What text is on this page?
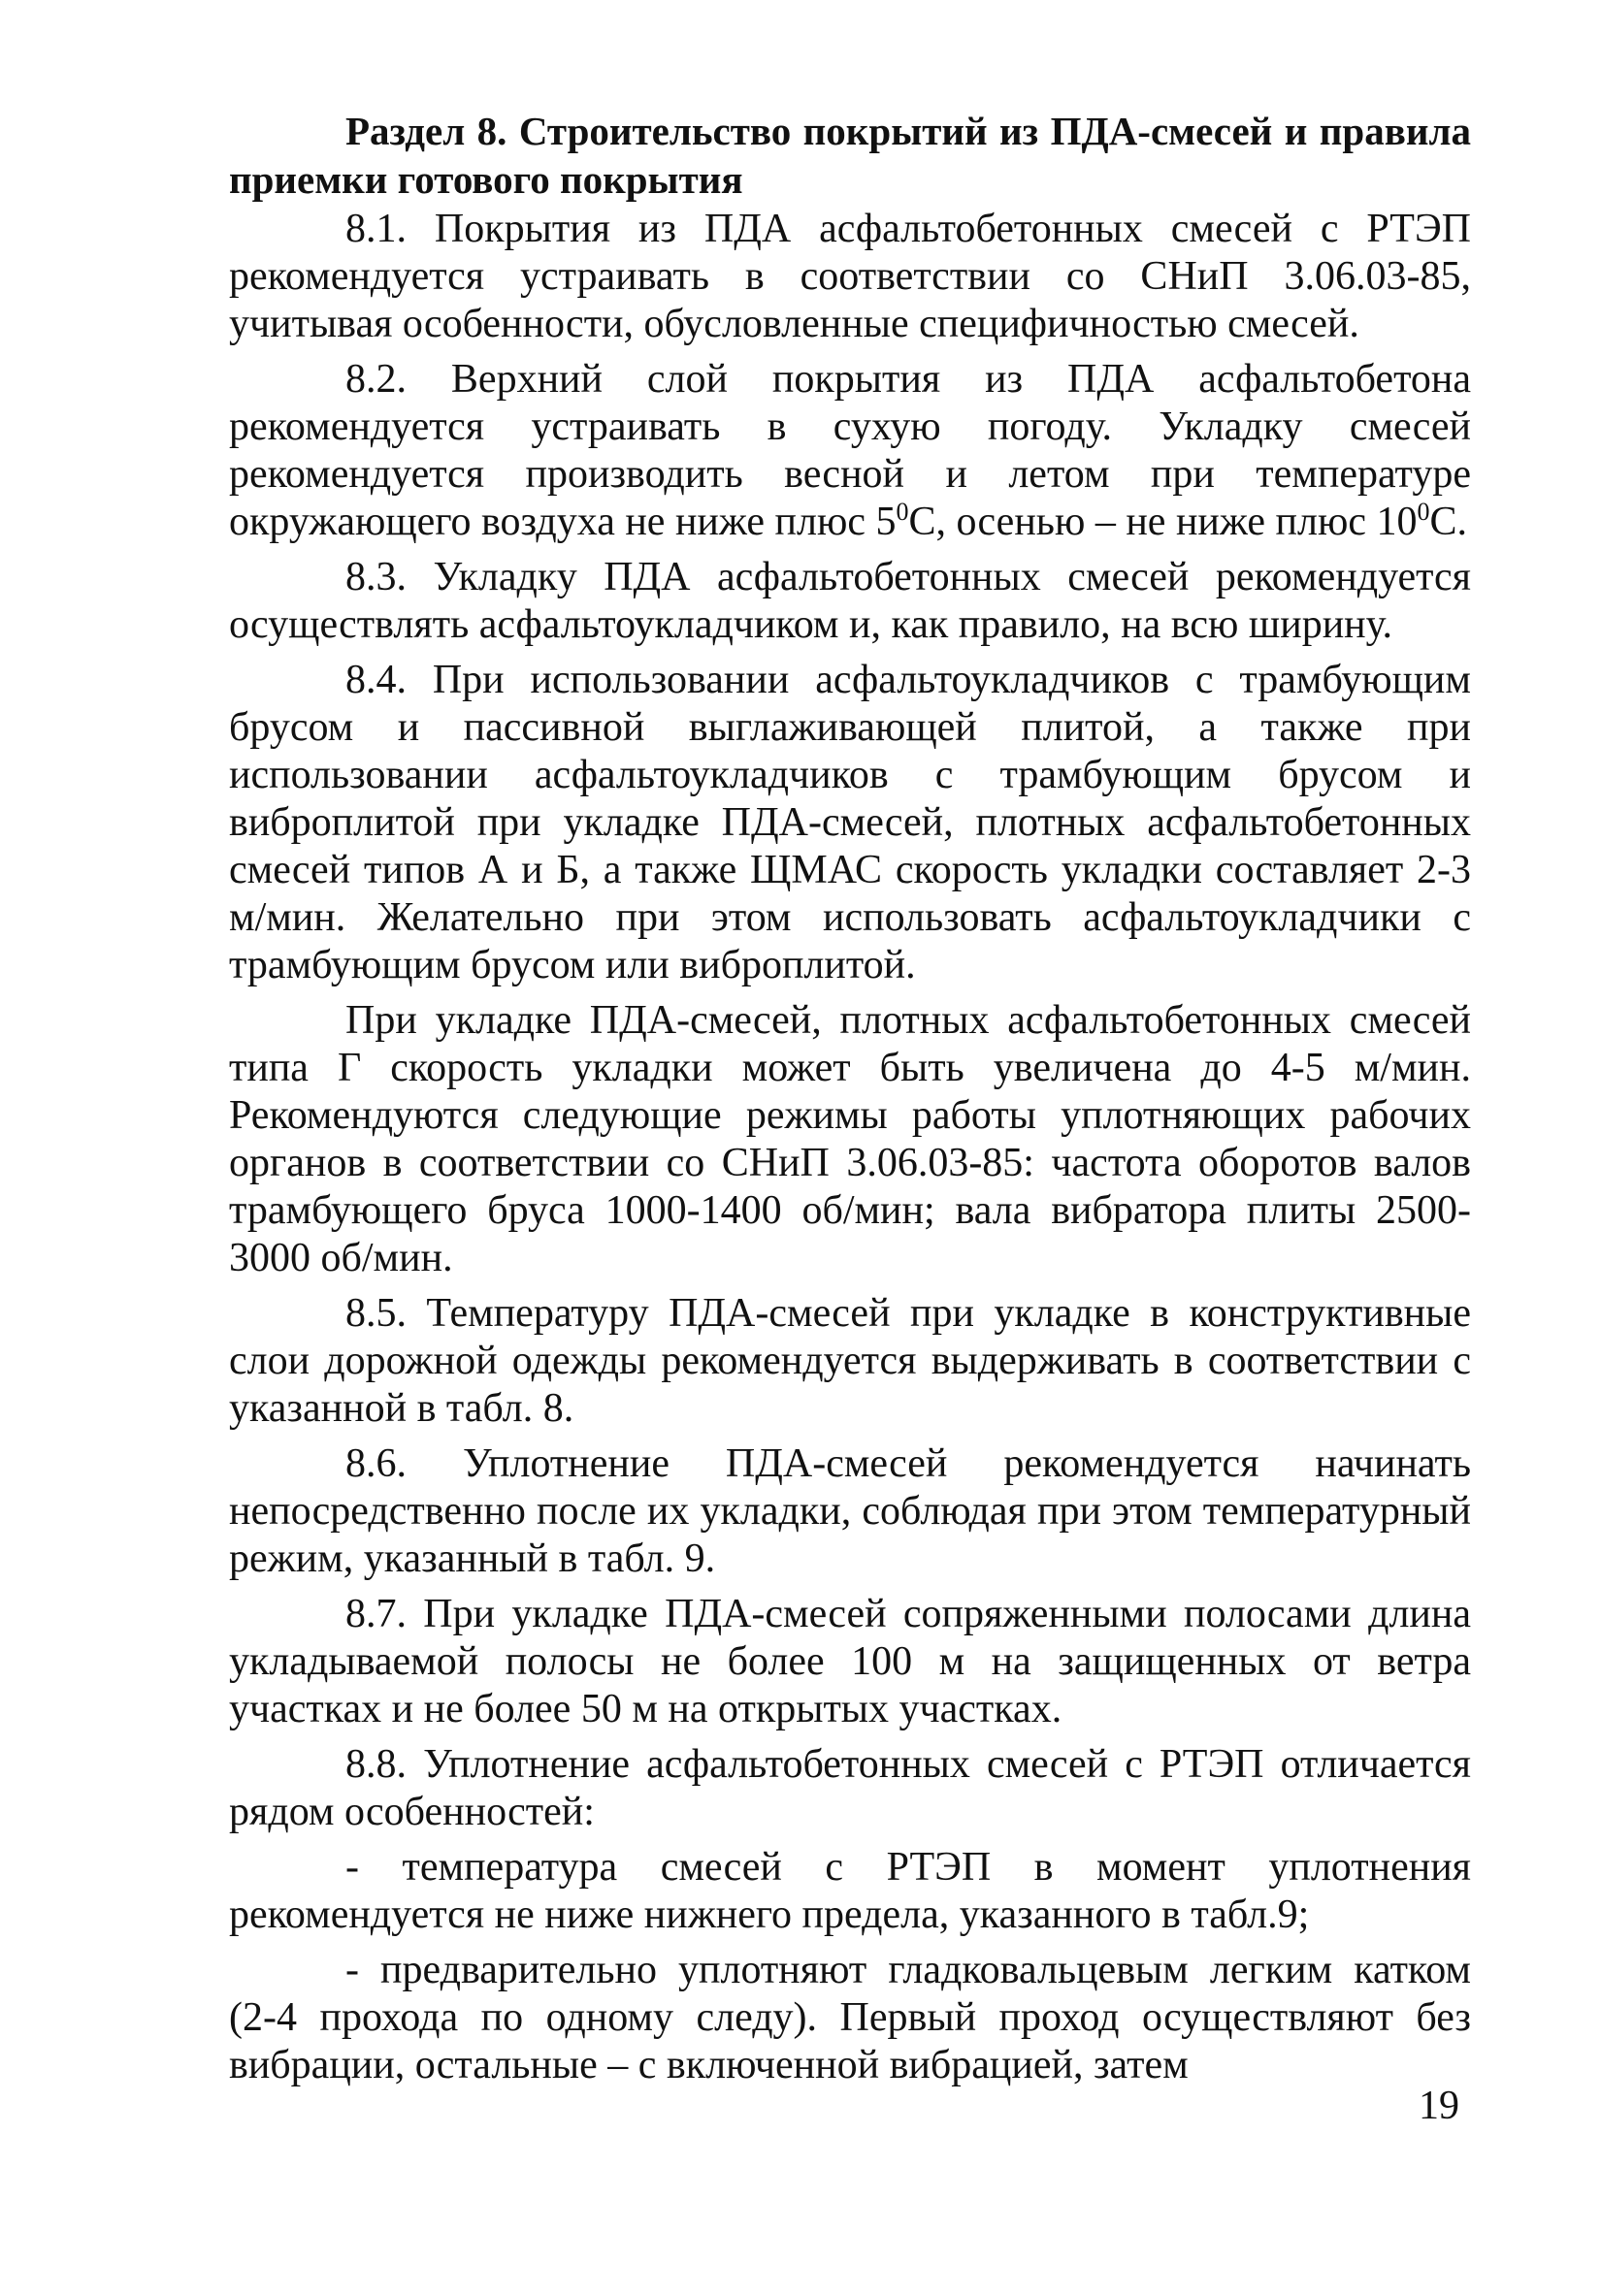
Раздел 8. Строительство покрытий из ПДА-смесей и правила приемки готового покрытия

8.1. Покрытия из ПДА асфальтобетонных смесей с РТЭП рекомендуется устраивать в соответствии со СНиП 3.06.03-85, учитывая особенности, обусловленные специфичностью смесей.

8.2. Верхний слой покрытия из ПДА асфальтобетона рекомендуется устраивать в сухую погоду. Укладку смесей рекомендуется производить весной и летом при температуре окружающего воздуха не ниже плюс $5^0С$, осенью – не ниже плюс $10^0С$.

8.3. Укладку ПДА асфальтобетонных смесей рекомендуется осуществлять асфальтоукладчиком и, как правило, на всю ширину.

8.4. При использовании асфальтоукладчиков с трамбующим брусом и пассивной выглаживающей плитой, а также при использовании асфальтоукладчиков с трамбующим брусом и виброплитой при укладке ПДА-смесей, плотных асфальтобетонных смесей типов А и Б, а также ЩМАС скорость укладки составляет 2-3 м/мин. Желательно при этом использовать асфальтоукладчики с трамбующим брусом или виброплитой.

При укладке ПДА-смесей, плотных асфальтобетонных смесей типа Г скорость укладки может быть увеличена до 4-5 м/мин. Рекомендуются следующие режимы работы уплотняющих рабочих органов в соответствии со СНиП 3.06.03-85: частота оборотов валов трамбующего бруса 1000-1400 об/мин; вала вибратора плиты 2500-3000 об/мин.

8.5. Температуру ПДА-смесей при укладке в конструктивные слои дорожной одежды рекомендуется выдерживать в соответствии с указанной в табл. 8.

8.6. Уплотнение ПДА-смесей рекомендуется начинать непосредственно после их укладки, соблюдая при этом температурный режим, указанный в табл. 9.

8.7. При укладке ПДА-смесей сопряженными полосами длина укладываемой полосы не более 100 м на защищенных от ветра участках и не более 50 м на открытых участках.

8.8. Уплотнение асфальтобетонных смесей с РТЭП отличается рядом особенностей:

- температура смесей с РТЭП в момент уплотнения рекомендуется не ниже нижнего предела, указанного в табл.9;

- предварительно уплотняют гладковальцевым легким катком (2-4 прохода по одному следу). Первый проход осуществляют без вибрации, остальные – с включенной вибрацией, затем

19
